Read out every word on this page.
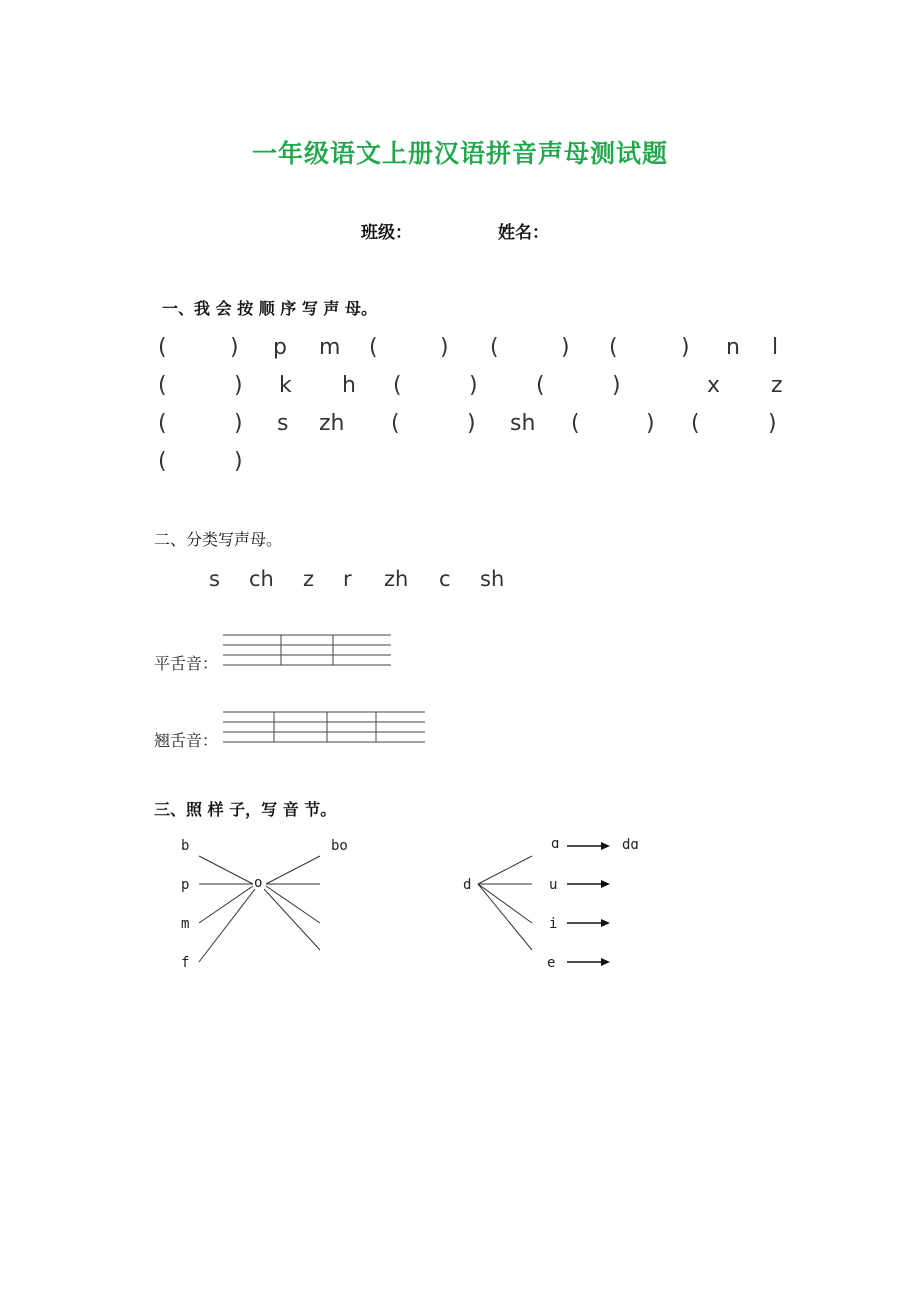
一年级语文上册汉语拼音声母测试题
班级：	姓名：
一、我 会 按 顺 序 写 声 母。
(	) p m (	) (	) (	) n l
(	) k h (	)	(	)	x z
(	) s zh (	) sh (	) (	)
(	)
二、分类写声母。
s ch z r zh c sh
平舌音：
翘舌音：
三、照 样 子，写 音 节。
b
p
m
f
o
bo
d
ɑ
u
i
e
dɑ
